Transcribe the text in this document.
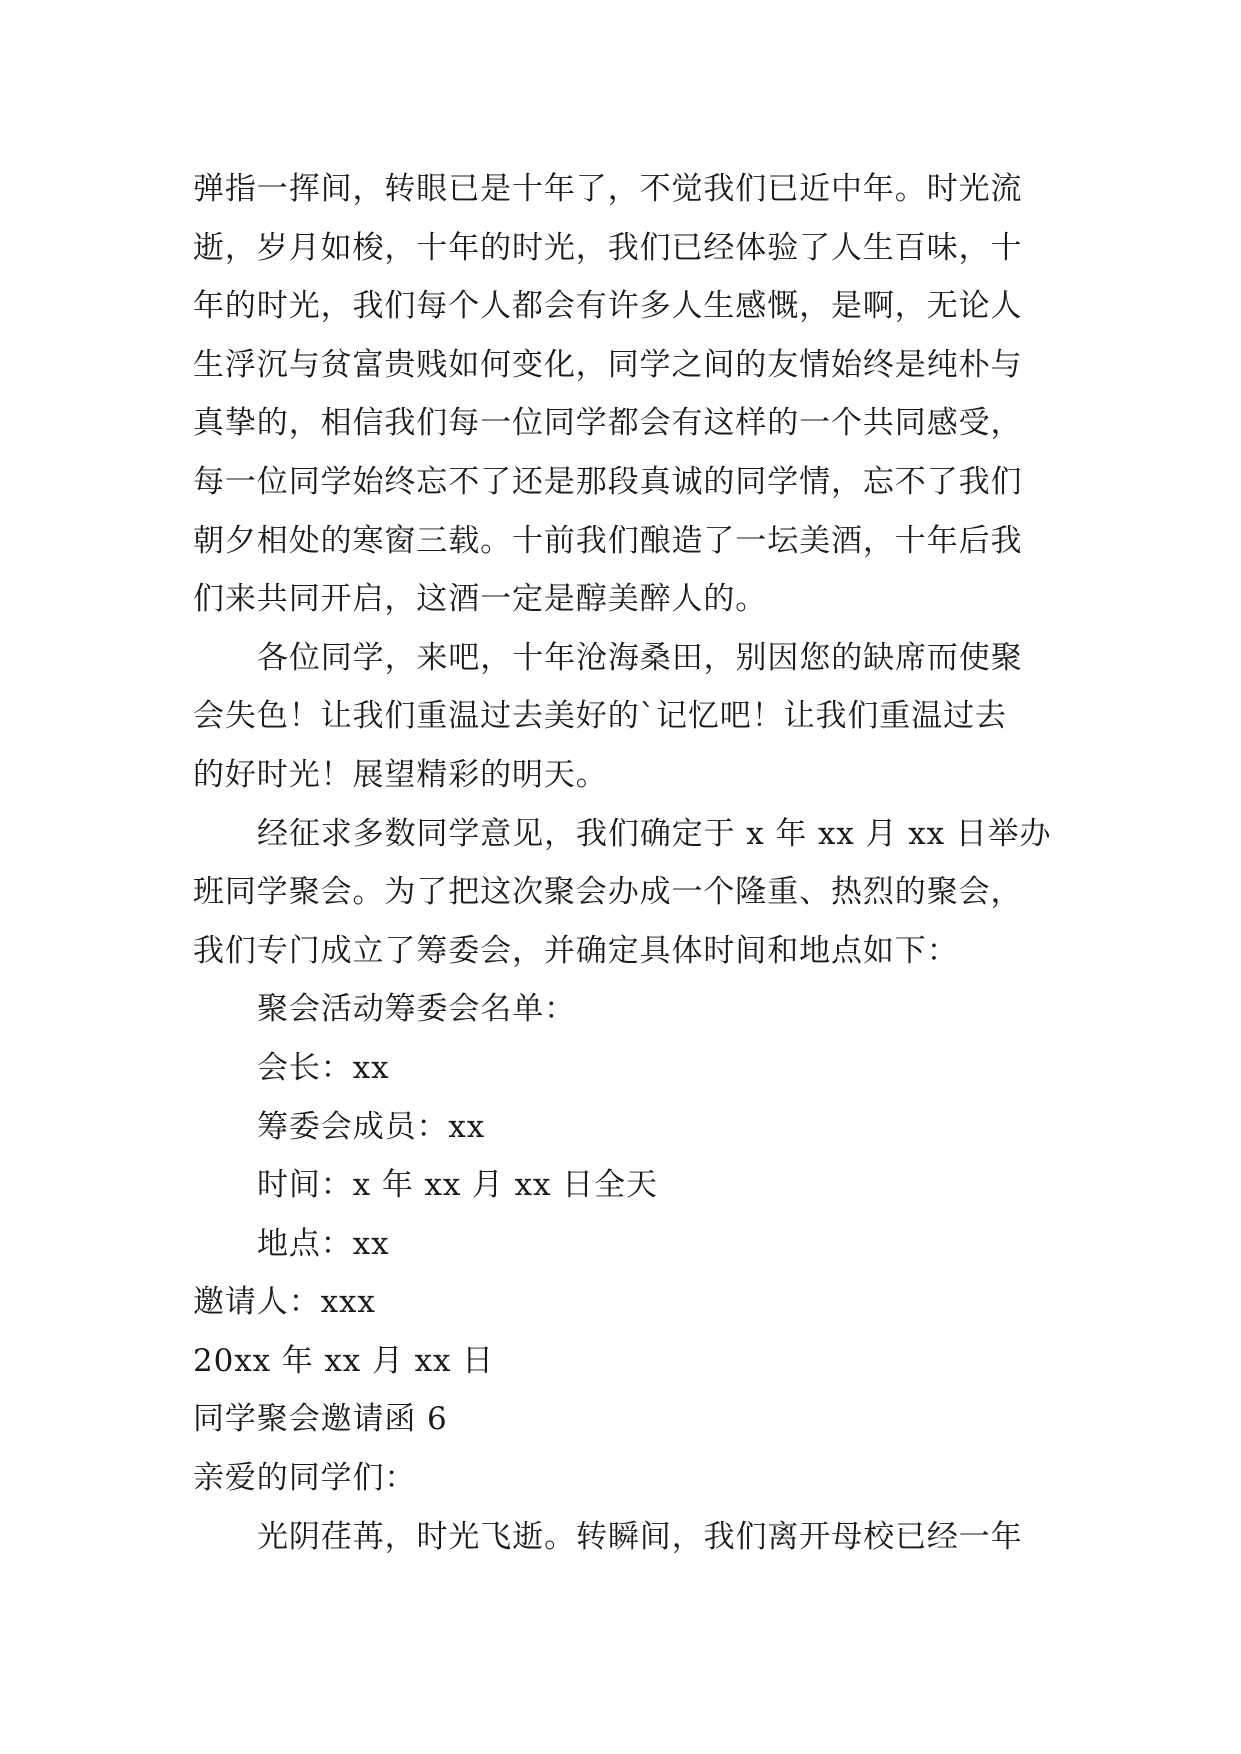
弹指一挥间，转眼已是十年了，不觉我们已近中年。时光流
逝，岁月如梭，十年的时光，我们已经体验了人生百味，十
年的时光，我们每个人都会有许多人生感慨，是啊，无论人
生浮沉与贫富贵贱如何变化，同学之间的友情始终是纯朴与
真挚的，相信我们每一位同学都会有这样的一个共同感受，
每一位同学始终忘不了还是那段真诚的同学情，忘不了我们
朝夕相处的寒窗三载。十前我们酿造了一坛美酒，十年后我
们来共同开启，这酒一定是醇美醉人的。
各位同学，来吧，十年沧海桑田，别因您的缺席而使聚
会失色！让我们重温过去美好的`记忆吧！让我们重温过去
的好时光！展望精彩的明天。
经征求多数同学意见，我们确定于 x 年 xx 月 xx 日举办
班同学聚会。为了把这次聚会办成一个隆重、热烈的聚会，
我们专门成立了筹委会，并确定具体时间和地点如下：
聚会活动筹委会名单：
会长：xx
筹委会成员：xx
时间：x 年 xx 月 xx 日全天
地点：xx
邀请人：xxx
20xx 年 xx 月 xx 日
同学聚会邀请函 6
亲爱的同学们：
光阴荏苒，时光飞逝。转瞬间，我们离开母校已经一年
